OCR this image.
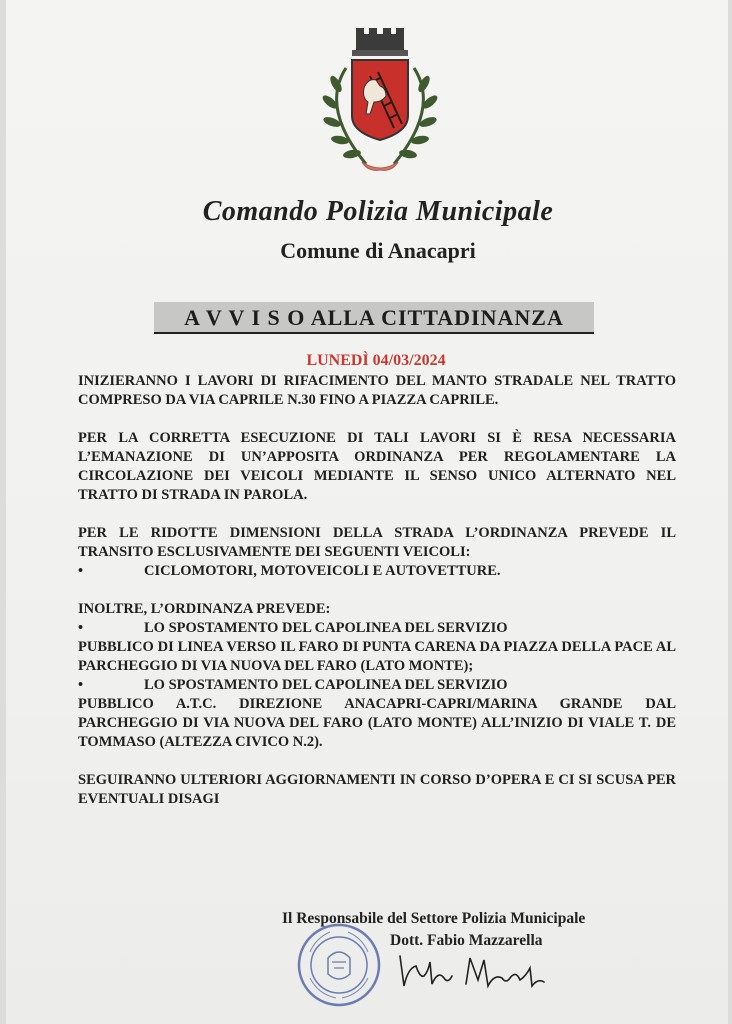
Comando Polizia Municipale
Comune di Anacapri
A V V I S O ALLA CITTADINANZA
LUNEDÌ 04/03/2024
INIZIERANNO I LAVORI DI RIFACIMENTO DEL MANTO STRADALE NEL TRATTO COMPRESO DA VIA CAPRILE N.30 FINO A PIAZZA CAPRILE.
PER LA CORRETTA ESECUZIONE DI TALI LAVORI SI È RESA NECESSARIA L’EMANAZIONE DI UN’APPOSITA ORDINANZA PER REGOLAMENTARE LA CIRCOLAZIONE DEI VEICOLI MEDIANTE IL SENSO UNICO ALTERNATO NEL TRATTO DI STRADA IN PAROLA.
PER LE RIDOTTE DIMENSIONI DELLA STRADA L’ORDINANZA PREVEDE IL TRANSITO ESCLUSIVAMENTE DEI SEGUENTI VEICOLI:
•	CICLOMOTORI, MOTOVEICOLI E AUTOVETTURE.
INOLTRE, L’ORDINANZA PREVEDE:
•	LO SPOSTAMENTO DEL CAPOLINEA DEL SERVIZIO
PUBBLICO DI LINEA VERSO IL FARO DI PUNTA CARENA DA PIAZZA DELLA PACE AL PARCHEGGIO DI VIA NUOVA DEL FARO (LATO MONTE);
•	LO SPOSTAMENTO DEL CAPOLINEA DEL SERVIZIO
PUBBLICO A.T.C. DIREZIONE ANACAPRI-CAPRI/MARINA GRANDE DAL PARCHEGGIO DI VIA NUOVA DEL FARO (LATO MONTE) ALL’INIZIO DI VIALE T. DE TOMMASO (ALTEZZA CIVICO N.2).
SEGUIRANNO ULTERIORI AGGIORNAMENTI IN CORSO D’OPERA E CI SI SCUSA PER EVENTUALI DISAGI
Il Responsabile del Settore Polizia Municipale
Dott. Fabio Mazzarella
